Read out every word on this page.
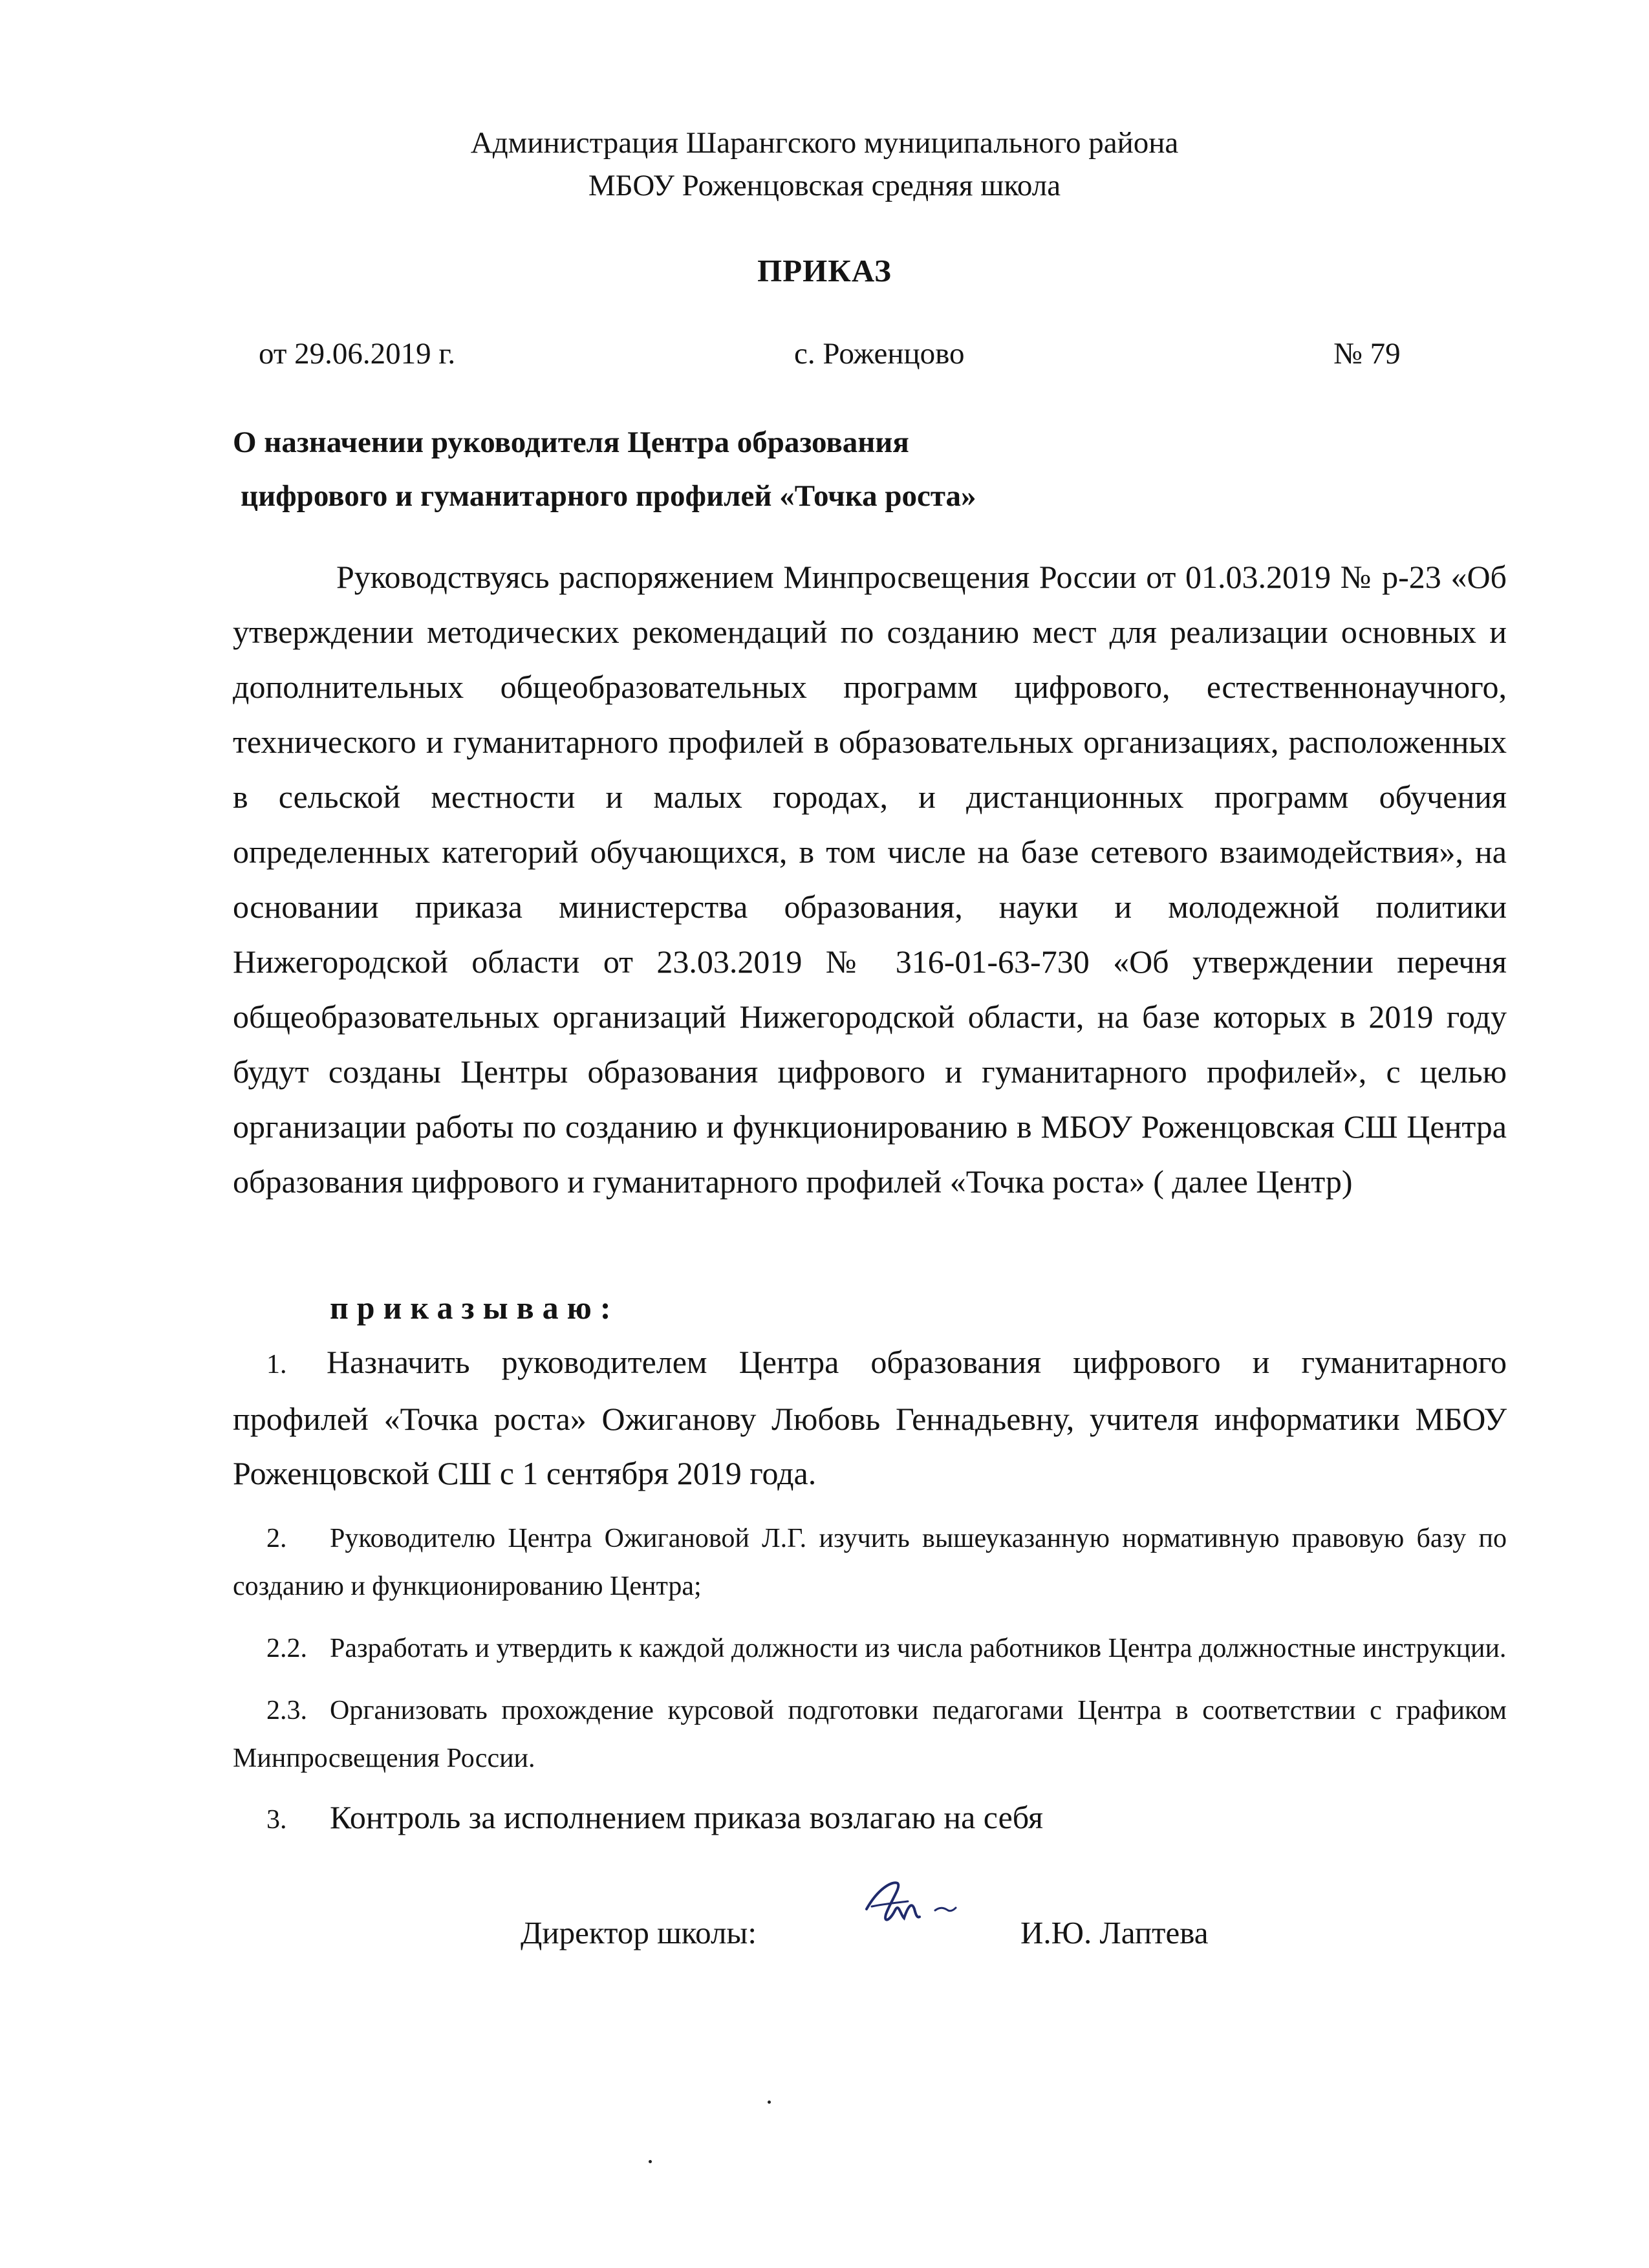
Администрация Шарангского муниципального района
МБОУ Роженцовская средняя школа
ПРИКАЗ
от 29.06.2019 г.	с. Роженцово	№ 79
О назначении руководителя Центра образования
цифрового и гуманитарного профилей «Точка роста»
Руководствуясь распоряжением Минпросвещения России от 01.03.2019 № р-23 «Об утверждении методических рекомендаций по созданию мест для реализации основных и дополнительных общеобразовательных программ цифрового, естественнонаучного, технического и гуманитарного профилей в образовательных организациях, расположенных в сельской местности и малых городах, и дистанционных программ обучения определенных категорий обучающихся, в том числе на базе сетевого взаимодействия», на основании приказа министерства образования, науки и молодежной политики Нижегородской области от 23.03.2019 № 316-01-63-730 «Об утверждении перечня общеобразовательных организаций Нижегородской области, на базе которых в 2019 году будут созданы Центры образования цифрового и гуманитарного профилей», с целью организации работы по созданию и функционированию в МБОУ Роженцовская СШ Центра образования цифрового и гуманитарного профилей «Точка роста» ( далее Центр)
приказываю:
1. Назначить руководителем Центра образования цифрового и гуманитарного профилей «Точка роста» Ожиганову Любовь Геннадьевну, учителя информатики МБОУ Роженцовской СШ с 1 сентября 2019 года.
2. Руководителю Центра Ожигановой Л.Г. изучить вышеуказанную нормативную правовую базу по созданию и функционированию Центра;
2.2. Разработать и утвердить к каждой должности из числа работников Центра должностные инструкции.
2.3. Организовать прохождение курсовой подготовки педагогами Центра в соответствии с графиком Минпросвещения России.
3. Контроль за исполнением приказа возлагаю на себя
Директор школы:	И.Ю. Лаптева
